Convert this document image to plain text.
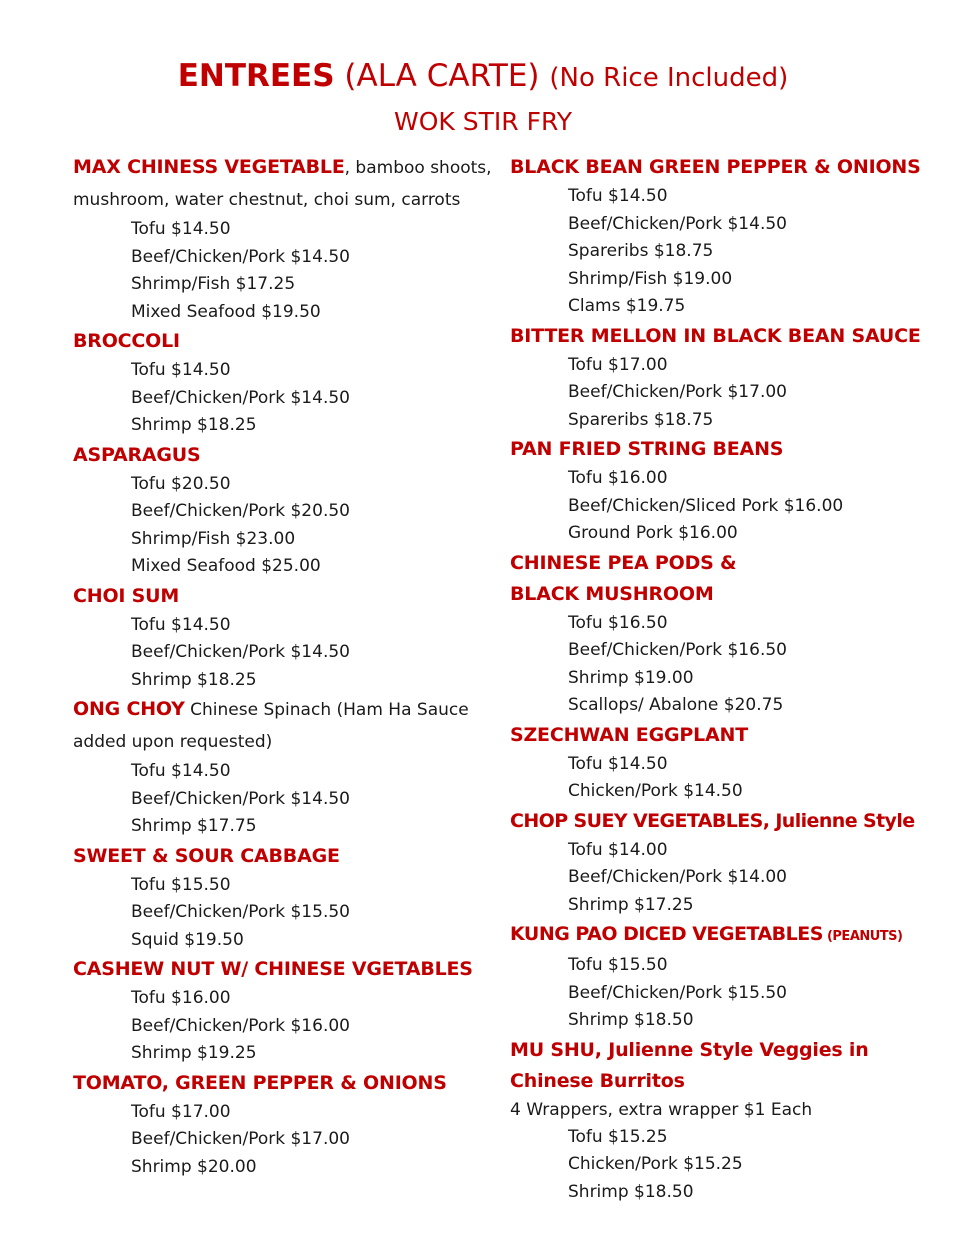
ENTREES (ALA CARTE) (No Rice Included)
WOK STIR FRY
MAX CHINESS VEGETABLE, bamboo shoots, mushroom, water chestnut, choi sum, carrots
Tofu $14.50
Beef/Chicken/Pork $14.50
Shrimp/Fish $17.25
Mixed Seafood $19.50
BROCCOLI
Tofu $14.50
Beef/Chicken/Pork $14.50
Shrimp $18.25
ASPARAGUS
Tofu $20.50
Beef/Chicken/Pork $20.50
Shrimp/Fish $23.00
Mixed Seafood $25.00
CHOI SUM
Tofu $14.50
Beef/Chicken/Pork $14.50
Shrimp $18.25
ONG CHOY Chinese Spinach (Ham Ha Sauce added upon requested)
Tofu $14.50
Beef/Chicken/Pork $14.50
Shrimp $17.75
SWEET & SOUR CABBAGE
Tofu $15.50
Beef/Chicken/Pork $15.50
Squid $19.50
CASHEW NUT W/ CHINESE VGETABLES
Tofu $16.00
Beef/Chicken/Pork $16.00
Shrimp $19.25
TOMATO, GREEN PEPPER & ONIONS
Tofu $17.00
Beef/Chicken/Pork $17.00
Shrimp $20.00
BLACK BEAN GREEN PEPPER & ONIONS
Tofu $14.50
Beef/Chicken/Pork $14.50
Spareribs $18.75
Shrimp/Fish $19.00
Clams $19.75
BITTER MELLON IN BLACK BEAN SAUCE
Tofu $17.00
Beef/Chicken/Pork $17.00
Spareribs $18.75
PAN FRIED STRING BEANS
Tofu $16.00
Beef/Chicken/Sliced Pork $16.00
Ground Pork $16.00
CHINESE PEA PODS & BLACK MUSHROOM
Tofu $16.50
Beef/Chicken/Pork $16.50
Shrimp $19.00
Scallops/ Abalone $20.75
SZECHWAN EGGPLANT
Tofu $14.50
Chicken/Pork $14.50
CHOP SUEY VEGETABLES, Julienne Style
Tofu $14.00
Beef/Chicken/Pork $14.00
Shrimp $17.25
KUNG PAO DICED VEGETABLES (PEANUTS)
Tofu $15.50
Beef/Chicken/Pork $15.50
Shrimp $18.50
MU SHU, Julienne Style Veggies in Chinese Burritos
4 Wrappers, extra wrapper $1 Each
Tofu $15.25
Chicken/Pork $15.25
Shrimp $18.50
